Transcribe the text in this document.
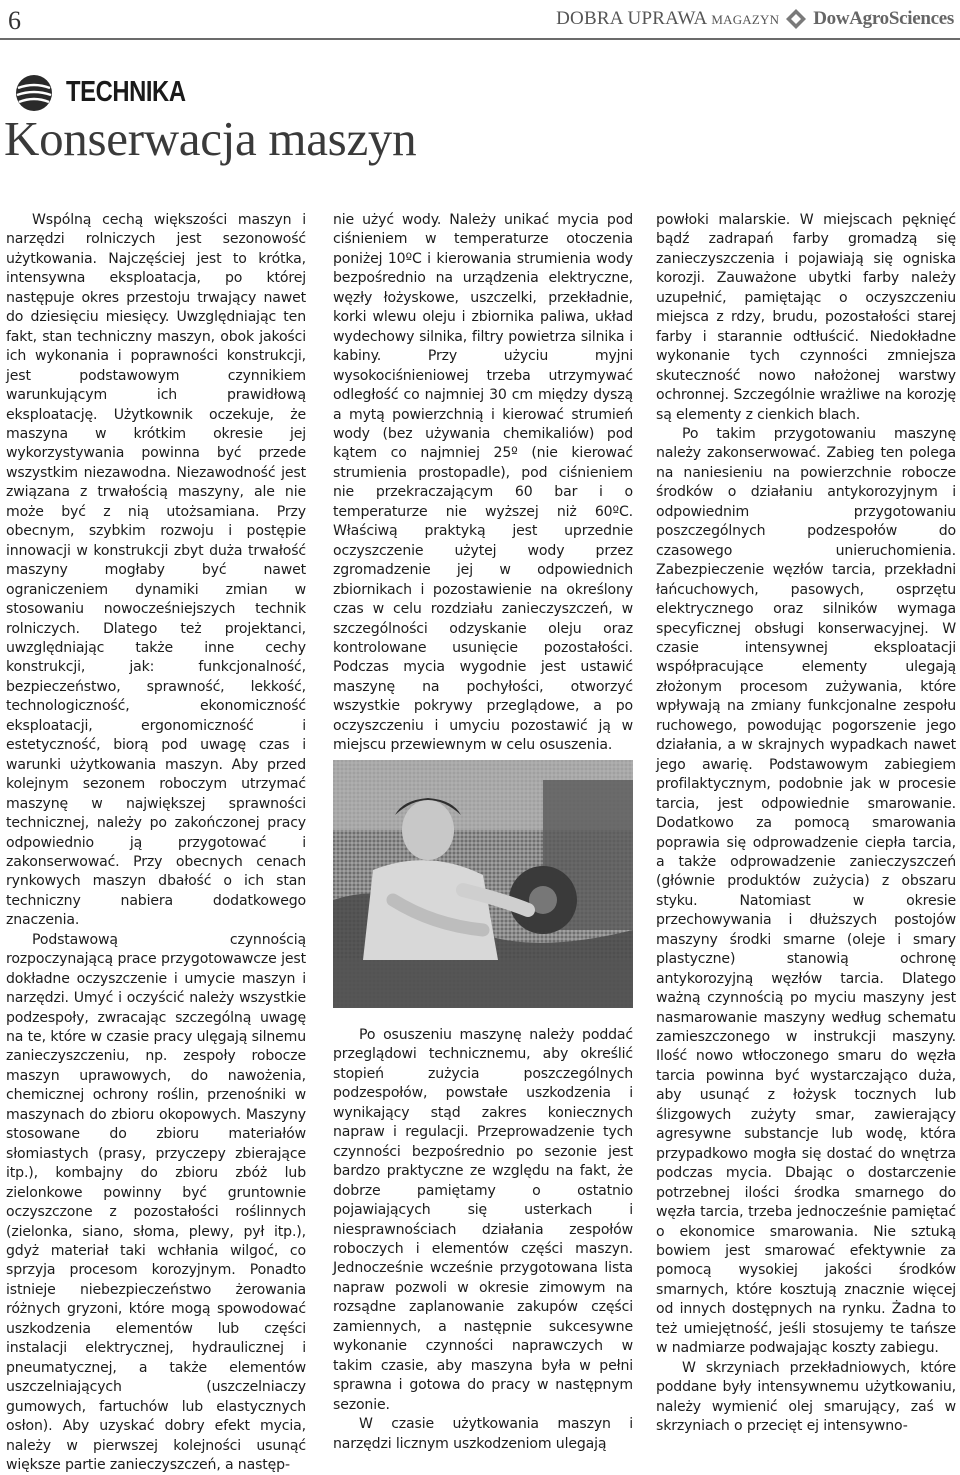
6	DOBRA UPRAWA MAGAZYN DowAgroSciences
TECHNIKA
Konserwacja maszyn

Wspólną cechą większości maszyn i narzędzi rolniczych jest sezonowość użytkowania. Najczęściej jest to krótka, intensywna eksploatacja, po której następuje okres przestoju trwający nawet do dziesięciu miesięcy. Uwzględniając ten fakt, stan techniczny maszyn, obok jakości ich wykonania i poprawności konstrukcji, jest podstawowym czynnikiem warunkującym ich prawidłową eksploatację. Użytkownik oczekuje, że maszyna w krótkim okresie jej wykorzystywania powinna być przede wszystkim niezawodna. Niezawodność jest związana z trwałością maszyny, ale nie może być z nią utożsamiana. Przy obecnym, szybkim rozwoju i postępie innowacji w konstrukcji zbyt duża trwałość maszyny mogłaby być nawet ograniczeniem dynamiki zmian w stosowaniu nowocześniejszych technik rolniczych. Dlatego też projektanci, uwzględniając także inne cechy konstrukcji, jak: funkcjonalność, bezpieczeństwo, sprawność, lekkość, technologiczność, ekonomiczność eksploatacji, ergonomiczność i estetyczność, biorą pod uwagę czas i warunki użytkowania maszyn. Aby przed kolejnym sezonem roboczym utrzymać maszynę w największej sprawności technicznej, należy po zakończonej pracy odpowiednio ją przygotować i zakonserwować. Przy obecnych cenach rynkowych maszyn dbałość o ich stan techniczny nabiera dodatkowego znaczenia.

Podstawową czynnością rozpoczynającą prace przygotowawcze jest dokładne oczyszczenie i umycie maszyn i narzędzi. Umyć i oczyścić należy wszystkie podzespoły, zwracając szczególną uwagę na te, które w czasie pracy ulęgają silnemu zanieczyszczeniu, np. zespoły robocze maszyn uprawowych, do nawożenia, chemicznej ochrony roślin, przenośniki w maszynach do zbioru okopowych. Maszyny stosowane do zbioru materiałów słomiastych (prasy, przyczepy zbierające itp.), kombajny do zbioru zbóż lub zielonkowe powinny być gruntownie oczyszczone z pozostałości roślinnych (zielonka, siano, słoma, plewy, pył itp.), gdyż materiał taki wchłania wilgoć, co sprzyja procesom korozyjnym. Ponadto istnieje niebezpieczeństwo żerowania różnych gryzoni, które mogą spowodować uszkodzenia elementów lub części instalacji elektrycznej, hydraulicznej i pneumatycznej, a także elementów uszczelniających (uszczelniaczy gumowych, fartuchów lub elastycznych osłon). Aby uzyskać dobry efekt mycia, należy w pierwszej kolejności usunąć większe partie zanieczyszczeń, a następ-

nie użyć wody. Należy unikać mycia pod ciśnieniem w temperaturze otoczenia poniżej 10ºC i kierowania strumienia wody bezpośrednio na urządzenia elektryczne, węzły łożyskowe, uszczelki, przekładnie, korki wlewu oleju i zbiornika paliwa, układ wydechowy silnika, filtry powietrza silnika i kabiny. Przy użyciu myjni wysokociśnieniowej trzeba utrzymywać odległość co najmniej 30 cm między dyszą a mytą powierzchnią i kierować strumień wody (bez używania chemikaliów) pod kątem co najmniej 25º (nie kierować strumienia prostopadle), pod ciśnieniem nie przekraczającym 60 bar i o temperaturze nie wyższej niż 60ºC. Właściwą praktyką jest uprzednie oczyszczenie użytej wody przez zgromadzenie jej w odpowiednich zbiornikach i pozostawienie na określony czas w celu rozdziału zanieczyszczeń, w szczególności odzyskanie oleju oraz kontrolowane usunięcie pozostałości. Podczas mycia wygodnie jest ustawić maszynę na pochyłości, otworzyć wszystkie pokrywy przeglądowe, a po oczyszczeniu i umyciu pozostawić ją w miejscu przewiewnym w celu osuszenia.

Po osuszeniu maszynę należy poddać przeglądowi technicznemu, aby określić stopień zużycia poszczególnych podzespołów, powstałe uszkodzenia i wynikający stąd zakres koniecznych napraw i regulacji. Przeprowadzenie tych czynności bezpośrednio po sezonie jest bardzo praktyczne ze względu na fakt, że dobrze pamiętamy o ostatnio pojawiających się usterkach i niesprawnościach działania zespołów roboczych i elementów części maszyn. Jednocześnie wcześnie przygotowana lista napraw pozwoli w okresie zimowym na rozsądne zaplanowanie zakupów części zamiennych, a następnie sukcesywne wykonanie czynności naprawczych w takim czasie, aby maszyna była w pełni sprawna i gotowa do pracy w następnym sezonie.

W czasie użytkowania maszyn i narzędzi licznym uszkodzeniom ulegają

powłoki malarskie. W miejscach pęknięć bądź zadrapań farby gromadzą się zanieczyszczenia i pojawiają się ogniska korozji. Zauważone ubytki farby należy uzupełnić, pamiętając o oczyszczeniu miejsca z rdzy, brudu, pozostałości starej farby i starannie odtłuścić. Niedokładne wykonanie tych czynności zmniejsza skuteczność nowo nałożonej warstwy ochronnej. Szczególnie wrażliwe na korozję są elementy z cienkich blach.

Po takim przygotowaniu maszynę należy zakonserwować. Zabieg ten polega na naniesieniu na powierzchnie robocze środków o działaniu antykorozyjnym i odpowiednim przygotowaniu poszczególnych podzespołów do czasowego unieruchomienia. Zabezpieczenie węzłów tarcia, przekładni łańcuchowych, pasowych, osprzętu elektrycznego oraz silników wymaga specyficznej obsługi konserwacyjnej. W czasie intensywnej eksploatacji współpracujące elementy ulegają złożonym procesom zużywania, które wpływają na zmiany funkcjonalne zespołu ruchowego, powodując pogorszenie jego działania, a w skrajnych wypadkach nawet jego awarię. Podstawowym zabiegiem profilaktycznym, podobnie jak w procesie tarcia, jest odpowiednie smarowanie. Dodatkowo za pomocą smarowania poprawia się odprowadzenie ciepła tarcia, a także odprowadzenie zanieczyszczeń (głównie produktów zużycia) z obszaru styku. Natomiast w okresie przechowywania i dłuższych postojów maszyny środki smarne (oleje i smary plastyczne) stanowią ochronę antykorozyjną węzłów tarcia. Dlatego ważną czynnością po myciu maszyny jest nasmarowanie maszyny według schematu zamieszczonego w instrukcji maszyny. Ilość nowo wtłoczonego smaru do węzła tarcia powinna być wystarczająco duża, aby usunąć z łożysk tocznych lub ślizgowych zużyty smar, zawierający agresywne substancje lub wodę, która przypadkowo mogła się dostać do wnętrza podczas mycia. Dbając o dostarczenie potrzebnej ilości środka smarnego do węzła tarcia, trzeba jednocześnie pamiętać o ekonomice smarowania. Nie sztuką bowiem jest smarować efektywnie za pomocą wysokiej jakości środków smarnych, które kosztują znacznie więcej od innych dostępnych na rynku. Żadna to też umiejętność, jeśli stosujemy te tańsze w nadmiarze podwajając koszty zabiegu.

W skrzyniach przekładniowych, które poddane były intensywnemu użytkowaniu, należy wymienić olej smarujący, zaś w skrzyniach o przecięt ej intensywno-
